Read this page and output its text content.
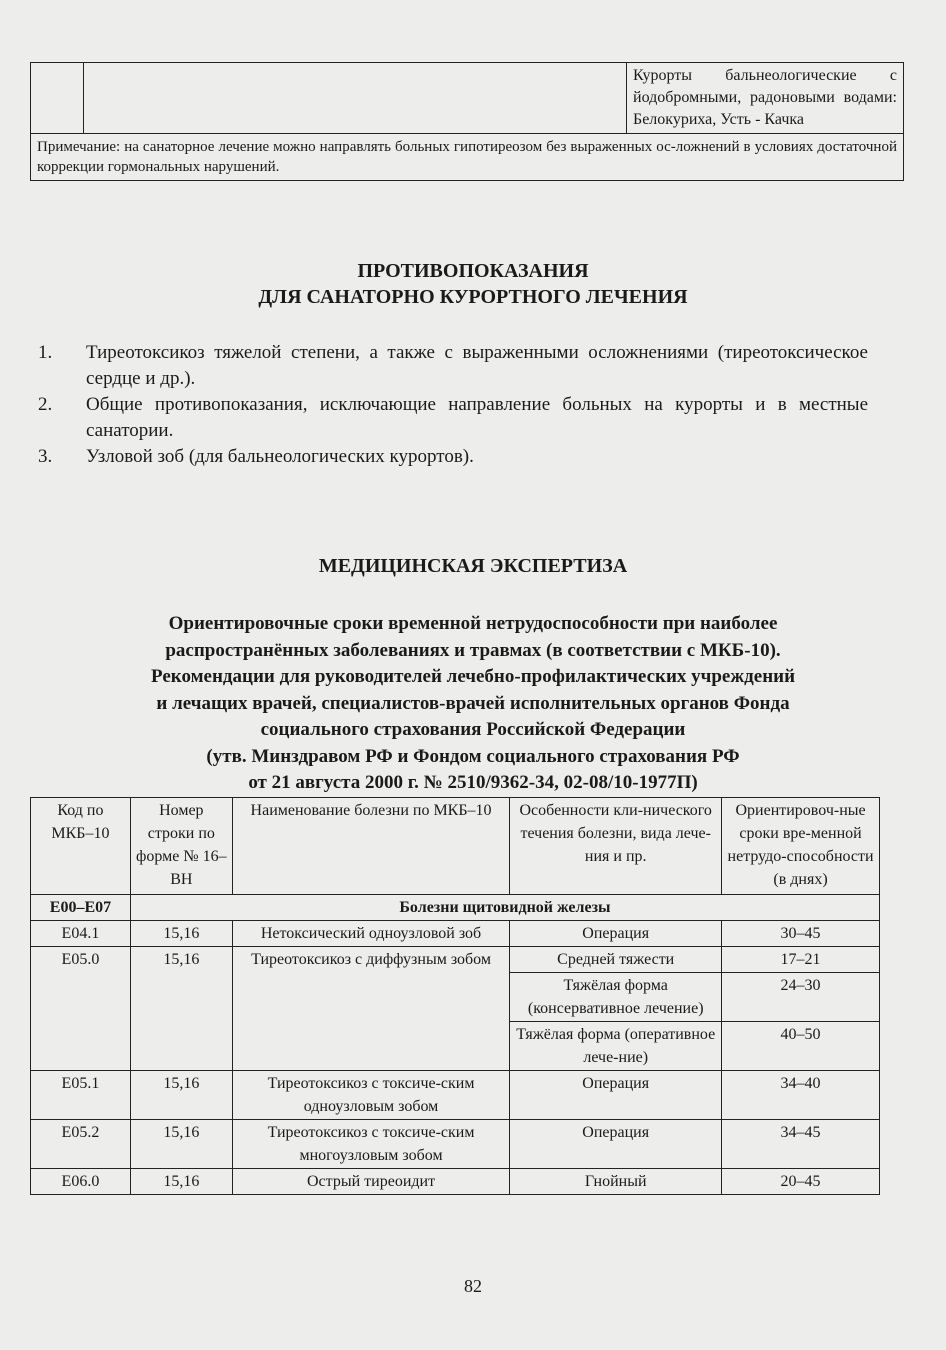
		Курорты бальнеологические с йодобромными, радоновыми водами: Белокуриха, Усть - Качка
Примечание: на санаторное лечение можно направлять больных гипотиреозом без выраженных ос-ложнений в условиях достаточной коррекции гормональных нарушений.
ПРОТИВОПОКАЗАНИЯ
ДЛЯ САНАТОРНО КУРОРТНОГО ЛЕЧЕНИЯ
1. Тиреотоксикоз тяжелой степени, а также с выраженными осложнениями (тиреотоксическое сердце и др.).
2. Общие противопоказания, исключающие направление больных на курорты и в местные санатории.
3. Узловой зоб (для бальнеологических курортов).
МЕДИЦИНСКАЯ ЭКСПЕРТИЗА
Ориентировочные сроки временной нетрудоспособности при наиболее
распространённых заболеваниях и травмах (в соответствии с МКБ-10).
Рекомендации для руководителей лечебно-профилактических учреждений
и лечащих врачей, специалистов-врачей исполнительных органов Фонда
социального страхования Российской Федерации
(утв. Минздравом РФ и Фондом социального страхования РФ
от 21 августа 2000 г. № 2510/9362-34, 02-08/10-1977П)
Код по МКБ–10	Номер строки по форме № 16–ВН	Наименование болезни по МКБ–10	Особенности кли-нического течения болезни, вида лече-ния и пр.	Ориентировоч-ные сроки вре-менной нетрудо-способности (в днях)
E00–E07	Болезни щитовидной железы			
E04.1	15,16	Нетоксический одноузловой зоб	Операция	30–45
E05.0	15,16	Тиреотоксикоз с диффузным зобом	Средней тяжести	17–21
			Тяжёлая форма (консервативное лечение)	24–30
			Тяжёлая форма (оперативное лече-ние)	40–50
E05.1	15,16	Тиреотоксикоз с токсиче-ским одноузловым зобом	Операция	34–40
E05.2	15,16	Тиреотоксикоз с токсиче-ским многоузловым зобом	Операция	34–45
E06.0	15,16	Острый тиреоидит	Гнойный	20–45
82
